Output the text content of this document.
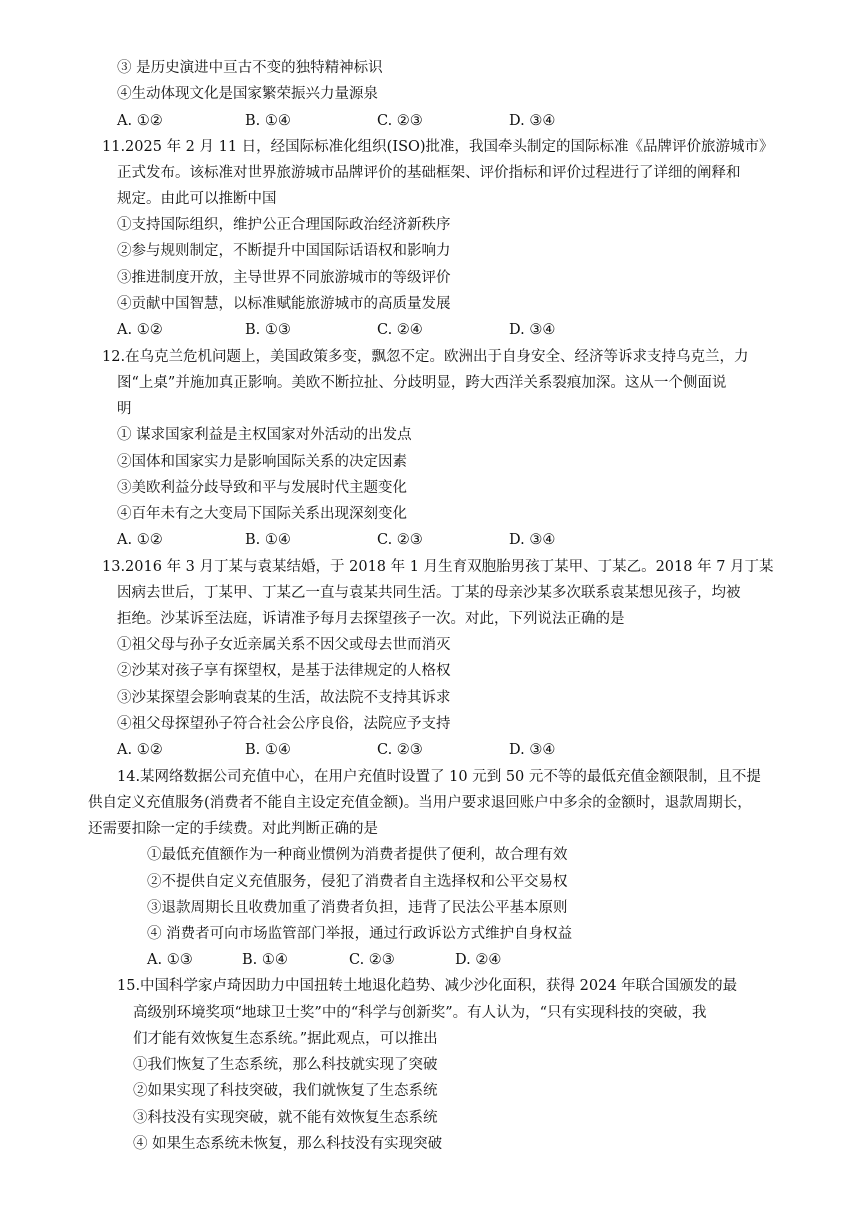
③ 是历史演进中亘古不变的独特精神标识
④生动体现文化是国家繁荣振兴力量源泉
A. ①②	B. ①④	C. ②③	D. ③④
11.2025 年 2 月 11 日，经国际标准化组织(ISO)批准，我国牵头制定的国际标准《品牌评价旅游城市》
正式发布。该标准对世界旅游城市品牌评价的基础框架、评价指标和评价过程进行了详细的阐释和
规定。由此可以推断中国
①支持国际组织，维护公正合理国际政治经济新秩序
②参与规则制定，不断提升中国国际话语权和影响力
③推进制度开放，主导世界不同旅游城市的等级评价
④贡献中国智慧，以标准赋能旅游城市的高质量发展
A. ①②	B. ①③	C. ②④	D. ③④
12.在乌克兰危机问题上，美国政策多变，飘忽不定。欧洲出于自身安全、经济等诉求支持乌克兰，力
图“上桌”并施加真正影响。美欧不断拉扯、分歧明显，跨大西洋关系裂痕加深。这从一个侧面说
明
① 谋求国家利益是主权国家对外活动的出发点
②国体和国家实力是影响国际关系的决定因素
③美欧利益分歧导致和平与发展时代主题变化
④百年未有之大变局下国际关系出现深刻变化
A. ①②	B. ①④	C. ②③	D. ③④
13.2016 年 3 月丁某与袁某结婚，于 2018 年 1 月生育双胞胎男孩丁某甲、丁某乙。2018 年 7 月丁某
因病去世后，丁某甲、丁某乙一直与袁某共同生活。丁某的母亲沙某多次联系袁某想见孩子，均被
拒绝。沙某诉至法庭，诉请准予每月去探望孩子一次。对此，下列说法正确的是
①祖父母与孙子女近亲属关系不因父或母去世而消灭
②沙某对孩子享有探望权，是基于法律规定的人格权
③沙某探望会影响袁某的生活，故法院不支持其诉求
④祖父母探望孙子符合社会公序良俗，法院应予支持
A. ①②	B. ①④	C. ②③	D. ③④
14.某网络数据公司充值中心，在用户充值时设置了 10 元到 50 元不等的最低充值金额限制，且不提
供自定义充值服务(消费者不能自主设定充值金额)。当用户要求退回账户中多余的金额时，退款周期长，
还需要扣除一定的手续费。对此判断正确的是
①最低充值额作为一种商业惯例为消费者提供了便利，故合理有效
②不提供自定义充值服务，侵犯了消费者自主选择权和公平交易权
③退款周期长且收费加重了消费者负担，违背了民法公平基本原则
④ 消费者可向市场监管部门举报，通过行政诉讼方式维护自身权益
A. ①③	B. ①④	C. ②③	D. ②④
15.中国科学家卢琦因助力中国扭转土地退化趋势、减少沙化面积，获得 2024 年联合国颁发的最
高级别环境奖项“地球卫士奖”中的“科学与创新奖”。有人认为，“只有实现科技的突破，我
们才能有效恢复生态系统。”据此观点，可以推出
①我们恢复了生态系统，那么科技就实现了突破
②如果实现了科技突破，我们就恢复了生态系统
③科技没有实现突破，就不能有效恢复生态系统
④ 如果生态系统未恢复，那么科技没有实现突破
